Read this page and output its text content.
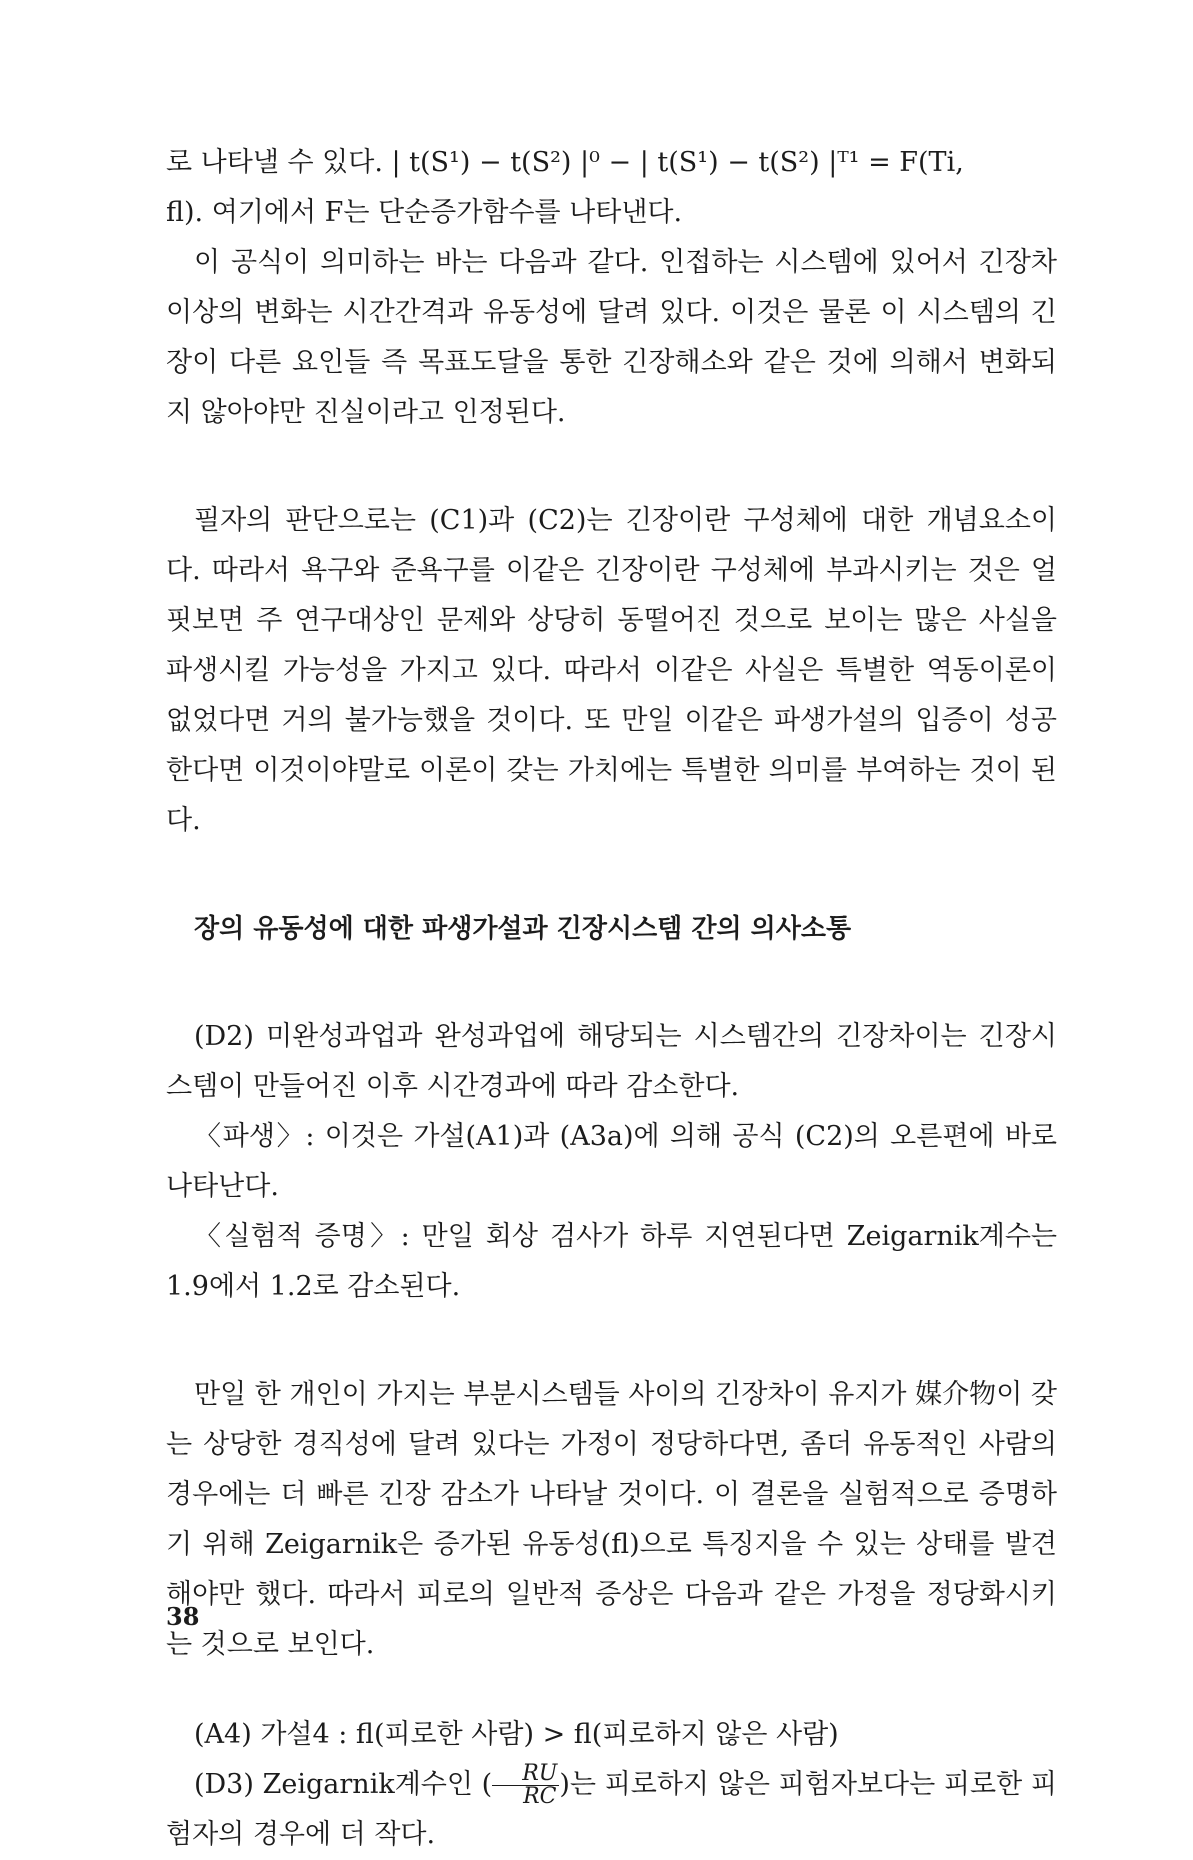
로 나타낼 수 있다. | t(S¹) − t(S²) |⁰ − | t(S¹) − t(S²) |ᵀ¹ = F(Ti,

fl). 여기에서 F는 단순증가함수를 나타낸다.

이 공식이 의미하는 바는 다음과 같다. 인접하는 시스템에 있어서 긴장차이상의 변화는 시간간격과 유동성에 달려 있다. 이것은 물론 이 시스템의 긴장이 다른 요인들 즉 목표도달을 통한 긴장해소와 같은 것에 의해서 변화되지 않아야만 진실이라고 인정된다.

필자의 판단으로는 (C1)과 (C2)는 긴장이란 구성체에 대한 개념요소이다. 따라서 욕구와 준욕구를 이같은 긴장이란 구성체에 부과시키는 것은 얼핏보면 주 연구대상인 문제와 상당히 동떨어진 것으로 보이는 많은 사실을 파생시킬 가능성을 가지고 있다. 따라서 이같은 사실은 특별한 역동이론이 없었다면 거의 불가능했을 것이다. 또 만일 이같은 파생가설의 입증이 성공한다면 이것이야말로 이론이 갖는 가치에는 특별한 의미를 부여하는 것이 된다.

장의 유동성에 대한 파생가설과 긴장시스템 간의 의사소통

(D2) 미완성과업과 완성과업에 해당되는 시스템간의 긴장차이는 긴장시스템이 만들어진 이후 시간경과에 따라 감소한다.

〈파생〉: 이것은 가설(A1)과 (A3a)에 의해 공식 (C2)의 오른편에 바로 나타난다.

〈실험적 증명〉: 만일 회상 검사가 하루 지연된다면 Zeigarnik계수는 1.9에서 1.2로 감소된다.

만일 한 개인이 가지는 부분시스템들 사이의 긴장차이 유지가 媒介物이 갖는 상당한 경직성에 달려 있다는 가정이 정당하다면, 좀더 유동적인 사람의 경우에는 더 빠른 긴장 감소가 나타날 것이다. 이 결론을 실험적으로 증명하기 위해 Zeigarnik은 증가된 유동성(fl)으로 특징지을 수 있는 상태를 발견해야만 했다. 따라서 피로의 일반적 증상은 다음과 같은 가정을 정당화시키는 것으로 보인다.

(A4) 가설4 : fl(피로한 사람) > fl(피로하지 않은 사람)

(D3) Zeigarnik계수인 ( $\frac{RU}{RC}$ )는 피로하지 않은 피험자보다는 피로한 피험자의 경우에 더 작다.

38
